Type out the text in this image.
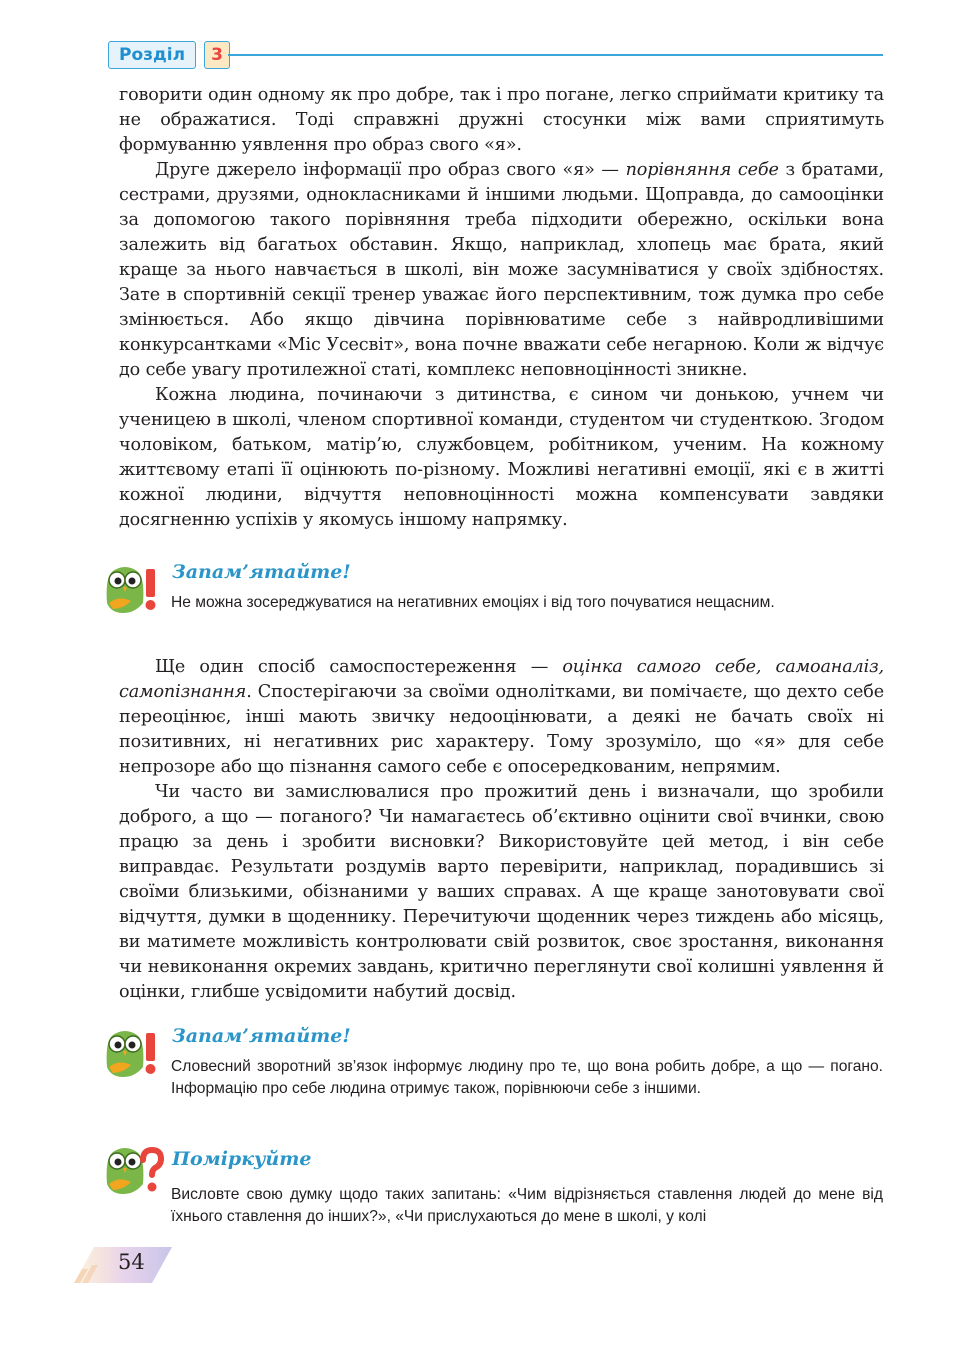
Розділ	3

говорити один одному як про добре, так і про погане, легко сприймати критику та не ображатися. Тоді справжні дружні стосунки між вами сприятимуть формуванню уявлення про образ свого «я».

Друге джерело інформації про образ свого «я» — порівняння себе з братами, сестрами, друзями, однокласниками й іншими людьми. Щоправда, до самооцінки за допомогою такого порівняння треба підходити обережно, оскільки вона залежить від багатьох обставин. Якщо, наприклад, хлопець має брата, який краще за нього навчається в школі, він може засумніватися у своїх здібностях. Зате в спортивній секції тренер уважає його перспективним, тож думка про себе змінюється. Або якщо дівчина порівнюватиме себе з найвродливішими конкурсантками «Міс Усесвіт», вона почне вважати себе негарною. Коли ж відчує до себе увагу протилежної статі, комплекс неповноцінності зникне.

Кожна людина, починаючи з дитинства, є сином чи донькою, учнем чи ученицею в школі, членом спортивної команди, студентом чи студенткою. Згодом чоловіком, батьком, матір’ю, службовцем, робітником, ученим. На кожному життєвому етапі її оцінюють по-різному. Можливі негативні емоції, які є в житті кожної людини, відчуття неповноцінності можна компенсувати завдяки досягненню успіхів у якомусь іншому напрямку.

Запам’ятайте!

Не можна зосереджуватися на негативних емоціях і від того почуватися нещасним.

Ще один спосіб самоспостереження — оцінка самого себе, самоаналіз, самопізнання. Спостерігаючи за своїми однолітками, ви помічаєте, що дехто себе переоцінює, інші мають звичку недооцінювати, а деякі не бачать своїх ні позитивних, ні негативних рис характеру. Тому зрозуміло, що «я» для себе непрозоре або що пізнання самого себе є опосередкованим, непрямим.

Чи часто ви замислювалися про прожитий день і визначали, що зробили доброго, а що — поганого? Чи намагаєтесь об’єктивно оцінити свої вчинки, свою працю за день і зробити висновки? Використовуйте цей метод, і він себе виправдає. Результати роздумів варто перевірити, наприклад, порадившись зі своїми близькими, обізнаними у ваших справах. А ще краще занотовувати свої відчуття, думки в щоденнику. Перечитуючи щоденник через тиждень або місяць, ви матимете можливість контролювати свій розвиток, своє зростання, виконання чи невиконання окремих завдань, критично переглянути свої колишні уявлення й оцінки, глибше усвідомити набутий досвід.

Запам’ятайте!

Словесний зворотний зв’язок інформує людину про те, що вона робить добре, а що — погано. Інформацію про себе людина отримує також, порівнюючи себе з іншими.

Поміркуйте

Висловте свою думку щодо таких запитань: «Чим відрізняється ставлення людей до мене від їхнього ставлення до інших?», «Чи прислухаються до мене в школі, у колі

54
